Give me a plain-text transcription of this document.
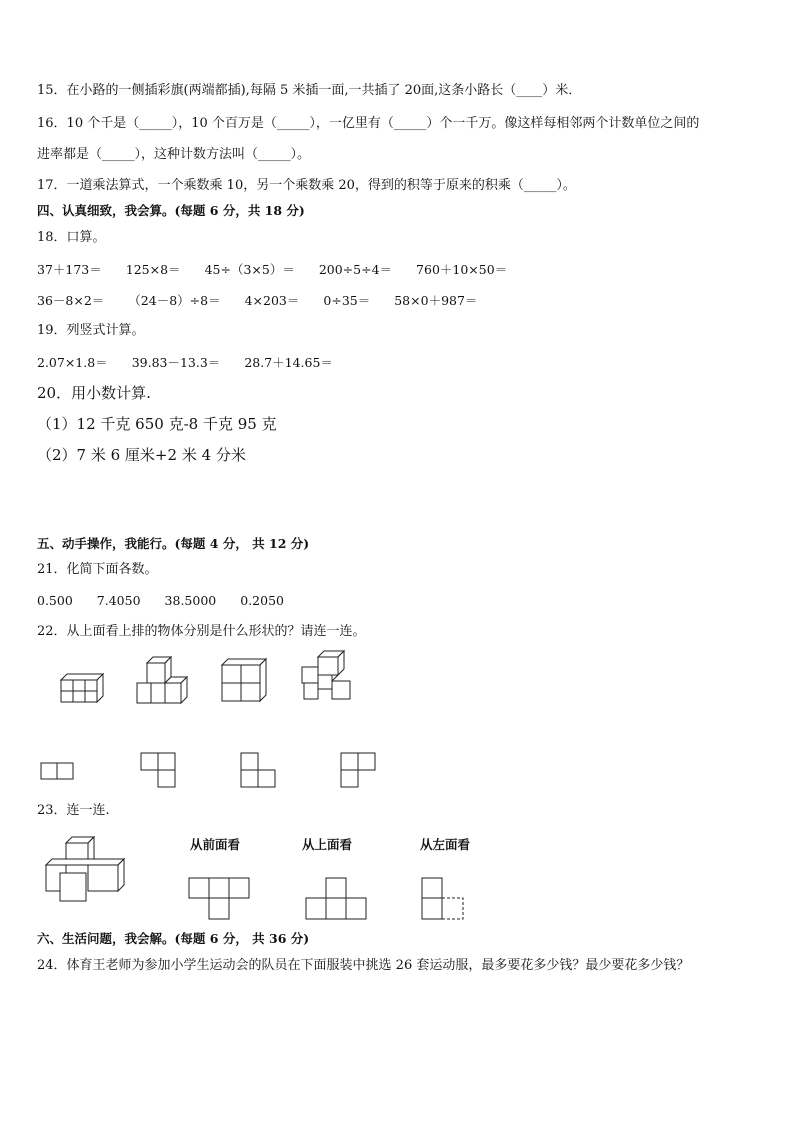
15．在小路的一侧插彩旗(两端都插),每隔 5 米插一面,一共插了 20面,这条小路长（____）米．
16．10 个千是（_____），10 个百万是（_____），一亿里有（_____）个一千万。像这样每相邻两个计数单位之间的
进率都是（_____），这种计数方法叫（_____）。
17．一道乘法算式，一个乘数乘 10，另一个乘数乘 20，得到的积等于原来的积乘（_____）。
四、认真细致，我会算。(每题 6 分，共 18 分)
18．口算。
37＋173＝ 125×8＝ 45÷（3×5）＝ 200÷5÷4＝ 760＋10×50＝
36－8×2＝ （24－8）÷8＝ 4×203＝ 0÷35＝ 58×0＋987＝
19．列竖式计算。
2.07×1.8＝ 39.83－13.3＝ 28.7＋14.65＝
20．用小数计算.
（1）12 千克 650 克-8 千克 95 克
（2）7 米 6 厘米+2 米 4 分米
五、动手操作，我能行。(每题 4 分， 共 12 分)
21．化简下面各数。
0.500 7.4050 38.5000 0.2050
22．从上面看上排的物体分别是什么形状的？请连一连。
23．连一连.
从前面看	从上面看	从左面看
六、生活问题，我会解。(每题 6 分， 共 36 分)
24．体育王老师为参加小学生运动会的队员在下面服装中挑选 26 套运动服，最多要花多少钱？最少要花多少钱？
